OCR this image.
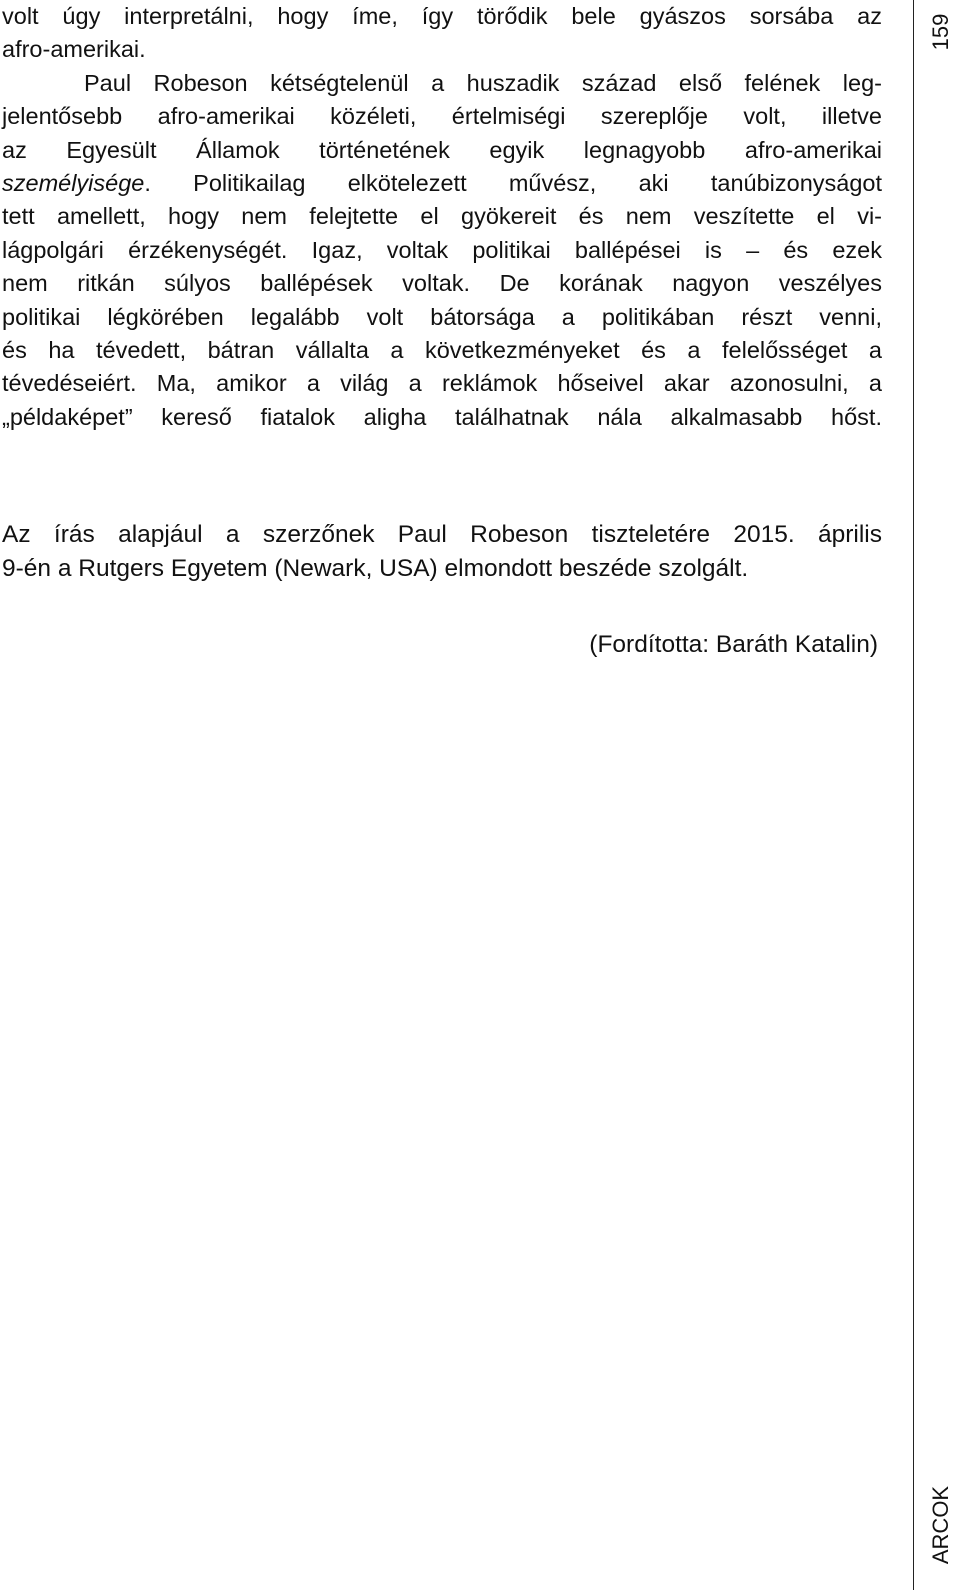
volt úgy interpretálni, hogy íme, így törődik bele gyászos sorsába az
afro-amerikai.
Paul Robeson kétségtelenül a huszadik század első felének leg-
jelentősebb afro-amerikai közéleti, értelmiségi szereplője volt, illetve
az Egyesült Államok történetének egyik legnagyobb afro-amerikai
személyisége. Politikailag elkötelezett művész, aki tanúbizonyságot
tett amellett, hogy nem felejtette el gyökereit és nem veszítette el vi-
lágpolgári érzékenységét. Igaz, voltak politikai ballépései is – és ezek
nem ritkán súlyos ballépések voltak. De korának nagyon veszélyes
politikai légkörében legalább volt bátorsága a politikában részt venni,
és ha tévedett, bátran vállalta a következményeket és a felelősséget a
tévedéseiért. Ma, amikor a világ a reklámok hőseivel akar azonosulni, a
„példaképet” kereső fiatalok aligha találhatnak nála alkalmasabb hőst.
Az írás alapjául a szerzőnek Paul Robeson tiszteletére 2015. április
9-én a Rutgers Egyetem (Newark, USA) elmondott beszéde szolgált.
(Fordította: Baráth Katalin)
159
ARCOK
